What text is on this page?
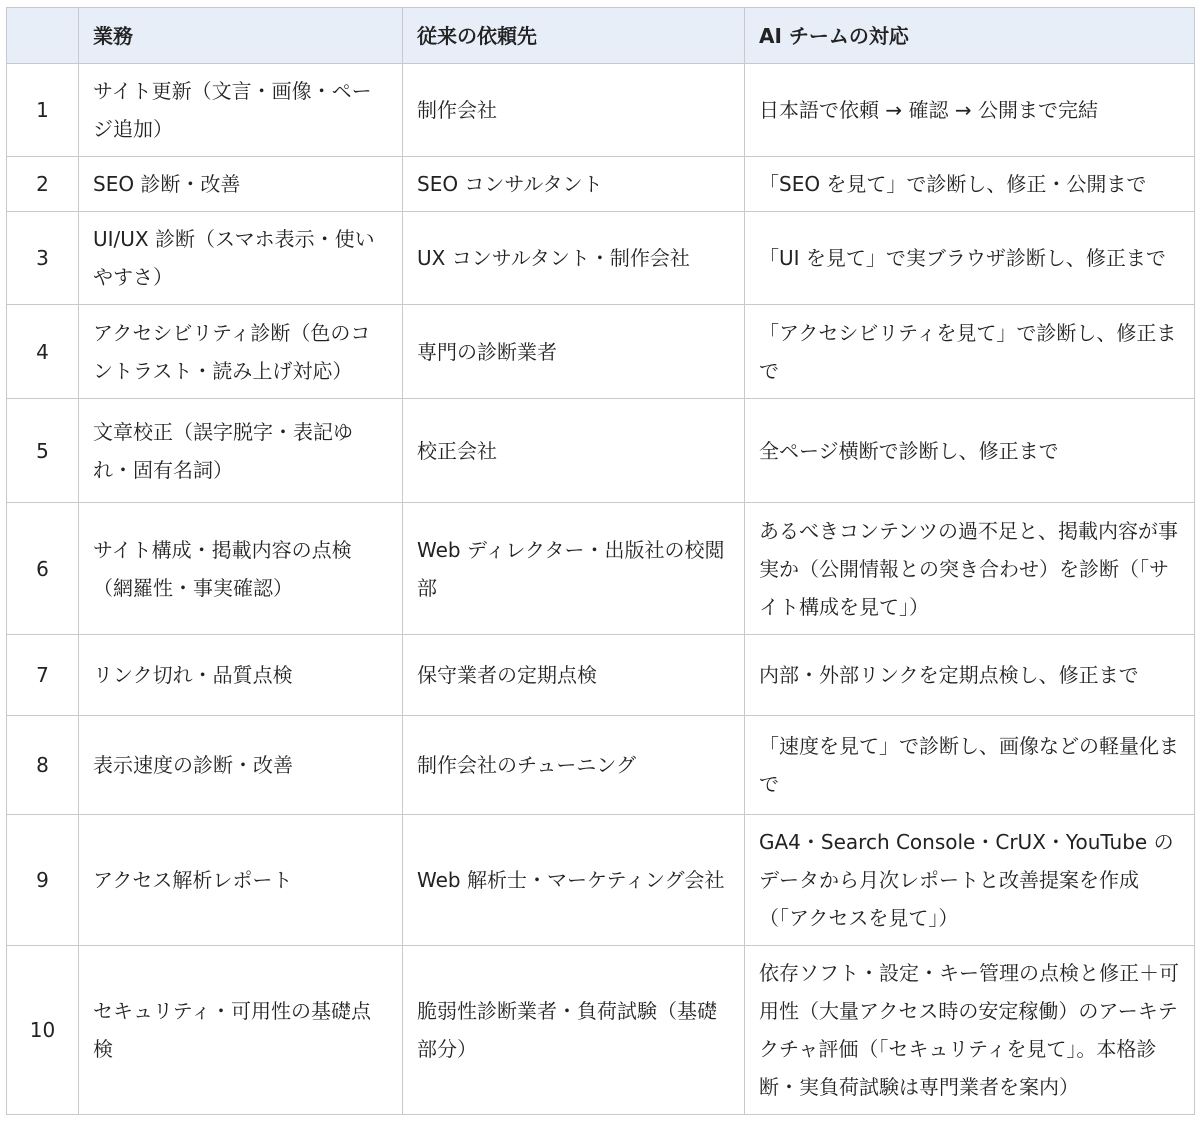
	業務	従来の依頼先	AI チームの対応
1	サイト更新（文言・画像・ページ追加）	制作会社	日本語で依頼 → 確認 → 公開まで完結
2	SEO 診断・改善	SEO コンサルタント	「SEO を見て」で診断し、修正・公開まで
3	UI/UX 診断（スマホ表示・使いやすさ）	UX コンサルタント・制作会社	「UI を見て」で実ブラウザ診断し、修正まで
4	アクセシビリティ診断（色のコントラスト・読み上げ対応）	専門の診断業者	「アクセシビリティを見て」で診断し、修正まで
5	文章校正（誤字脱字・表記ゆれ・固有名詞）	校正会社	全ページ横断で診断し、修正まで
6	サイト構成・掲載内容の点検（網羅性・事実確認）	Web ディレクター・出版社の校閲部	あるべきコンテンツの過不足と、掲載内容が事実か（公開情報との突き合わせ）を診断（「サイト構成を見て」）
7	リンク切れ・品質点検	保守業者の定期点検	内部・外部リンクを定期点検し、修正まで
8	表示速度の診断・改善	制作会社のチューニング	「速度を見て」で診断し、画像などの軽量化まで
9	アクセス解析レポート	Web 解析士・マーケティング会社	GA4・Search Console・CrUX・YouTube のデータから月次レポートと改善提案を作成（「アクセスを見て」）
10	セキュリティ・可用性の基礎点検	脆弱性診断業者・負荷試験（基礎部分）	依存ソフト・設定・キー管理の点検と修正＋可用性（大量アクセス時の安定稼働）のアーキテクチャ評価（「セキュリティを見て」。本格診断・実負荷試験は専門業者を案内）
